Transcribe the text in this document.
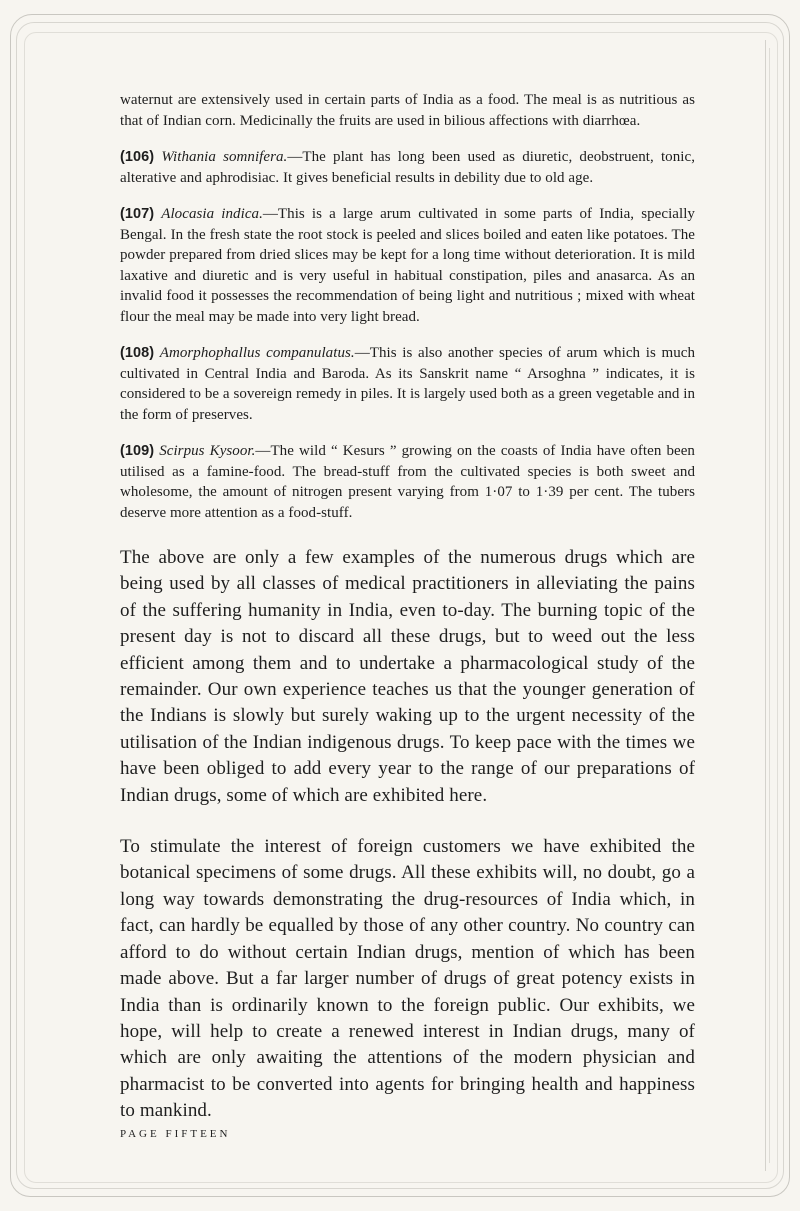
waternut are extensively used in certain parts of India as a food. The meal is as nutritious as that of Indian corn. Medicinally the fruits are used in bilious affections with diarrhœa.

(106) Withania somnifera.—The plant has long been used as diuretic, deobstruent, tonic, alterative and aphrodisiac. It gives beneficial results in debility due to old age.

(107) Alocasia indica.—This is a large arum cultivated in some parts of India, specially Bengal. In the fresh state the root stock is peeled and slices boiled and eaten like potatoes. The powder prepared from dried slices may be kept for a long time without deterioration. It is mild laxative and diuretic and is very useful in habitual constipation, piles and anasarca. As an invalid food it possesses the recommendation of being light and nutritious ; mixed with wheat flour the meal may be made into very light bread.

(108) Amorphophallus companulatus.—This is also another species of arum which is much cultivated in Central India and Baroda. As its Sanskrit name “ Arsoghna ” indicates, it is considered to be a sovereign remedy in piles. It is largely used both as a green vegetable and in the form of preserves.

(109) Scirpus Kysoor.—The wild “ Kesurs ” growing on the coasts of India have often been utilised as a famine-food. The bread-stuff from the cultivated species is both sweet and wholesome, the amount of nitrogen present varying from 1·07 to 1·39 per cent. The tubers deserve more attention as a food-stuff.

The above are only a few examples of the numerous drugs which are being used by all classes of medical practitioners in alleviating the pains of the suffering humanity in India, even to-day. The burning topic of the present day is not to discard all these drugs, but to weed out the less efficient among them and to undertake a pharmacological study of the remainder. Our own experience teaches us that the younger generation of the Indians is slowly but surely waking up to the urgent necessity of the utilisation of the Indian indigenous drugs. To keep pace with the times we have been obliged to add every year to the range of our preparations of Indian drugs, some of which are exhibited here.

To stimulate the interest of foreign customers we have exhibited the botanical specimens of some drugs. All these exhibits will, no doubt, go a long way towards demonstrating the drug-resources of India which, in fact, can hardly be equalled by those of any other country. No country can afford to do without certain Indian drugs, mention of which has been made above. But a far larger number of drugs of great potency exists in India than is ordinarily known to the foreign public. Our exhibits, we hope, will help to create a renewed interest in Indian drugs, many of which are only awaiting the attentions of the modern physician and pharmacist to be converted into agents for bringing health and happiness to mankind.

PAGE FIFTEEN
